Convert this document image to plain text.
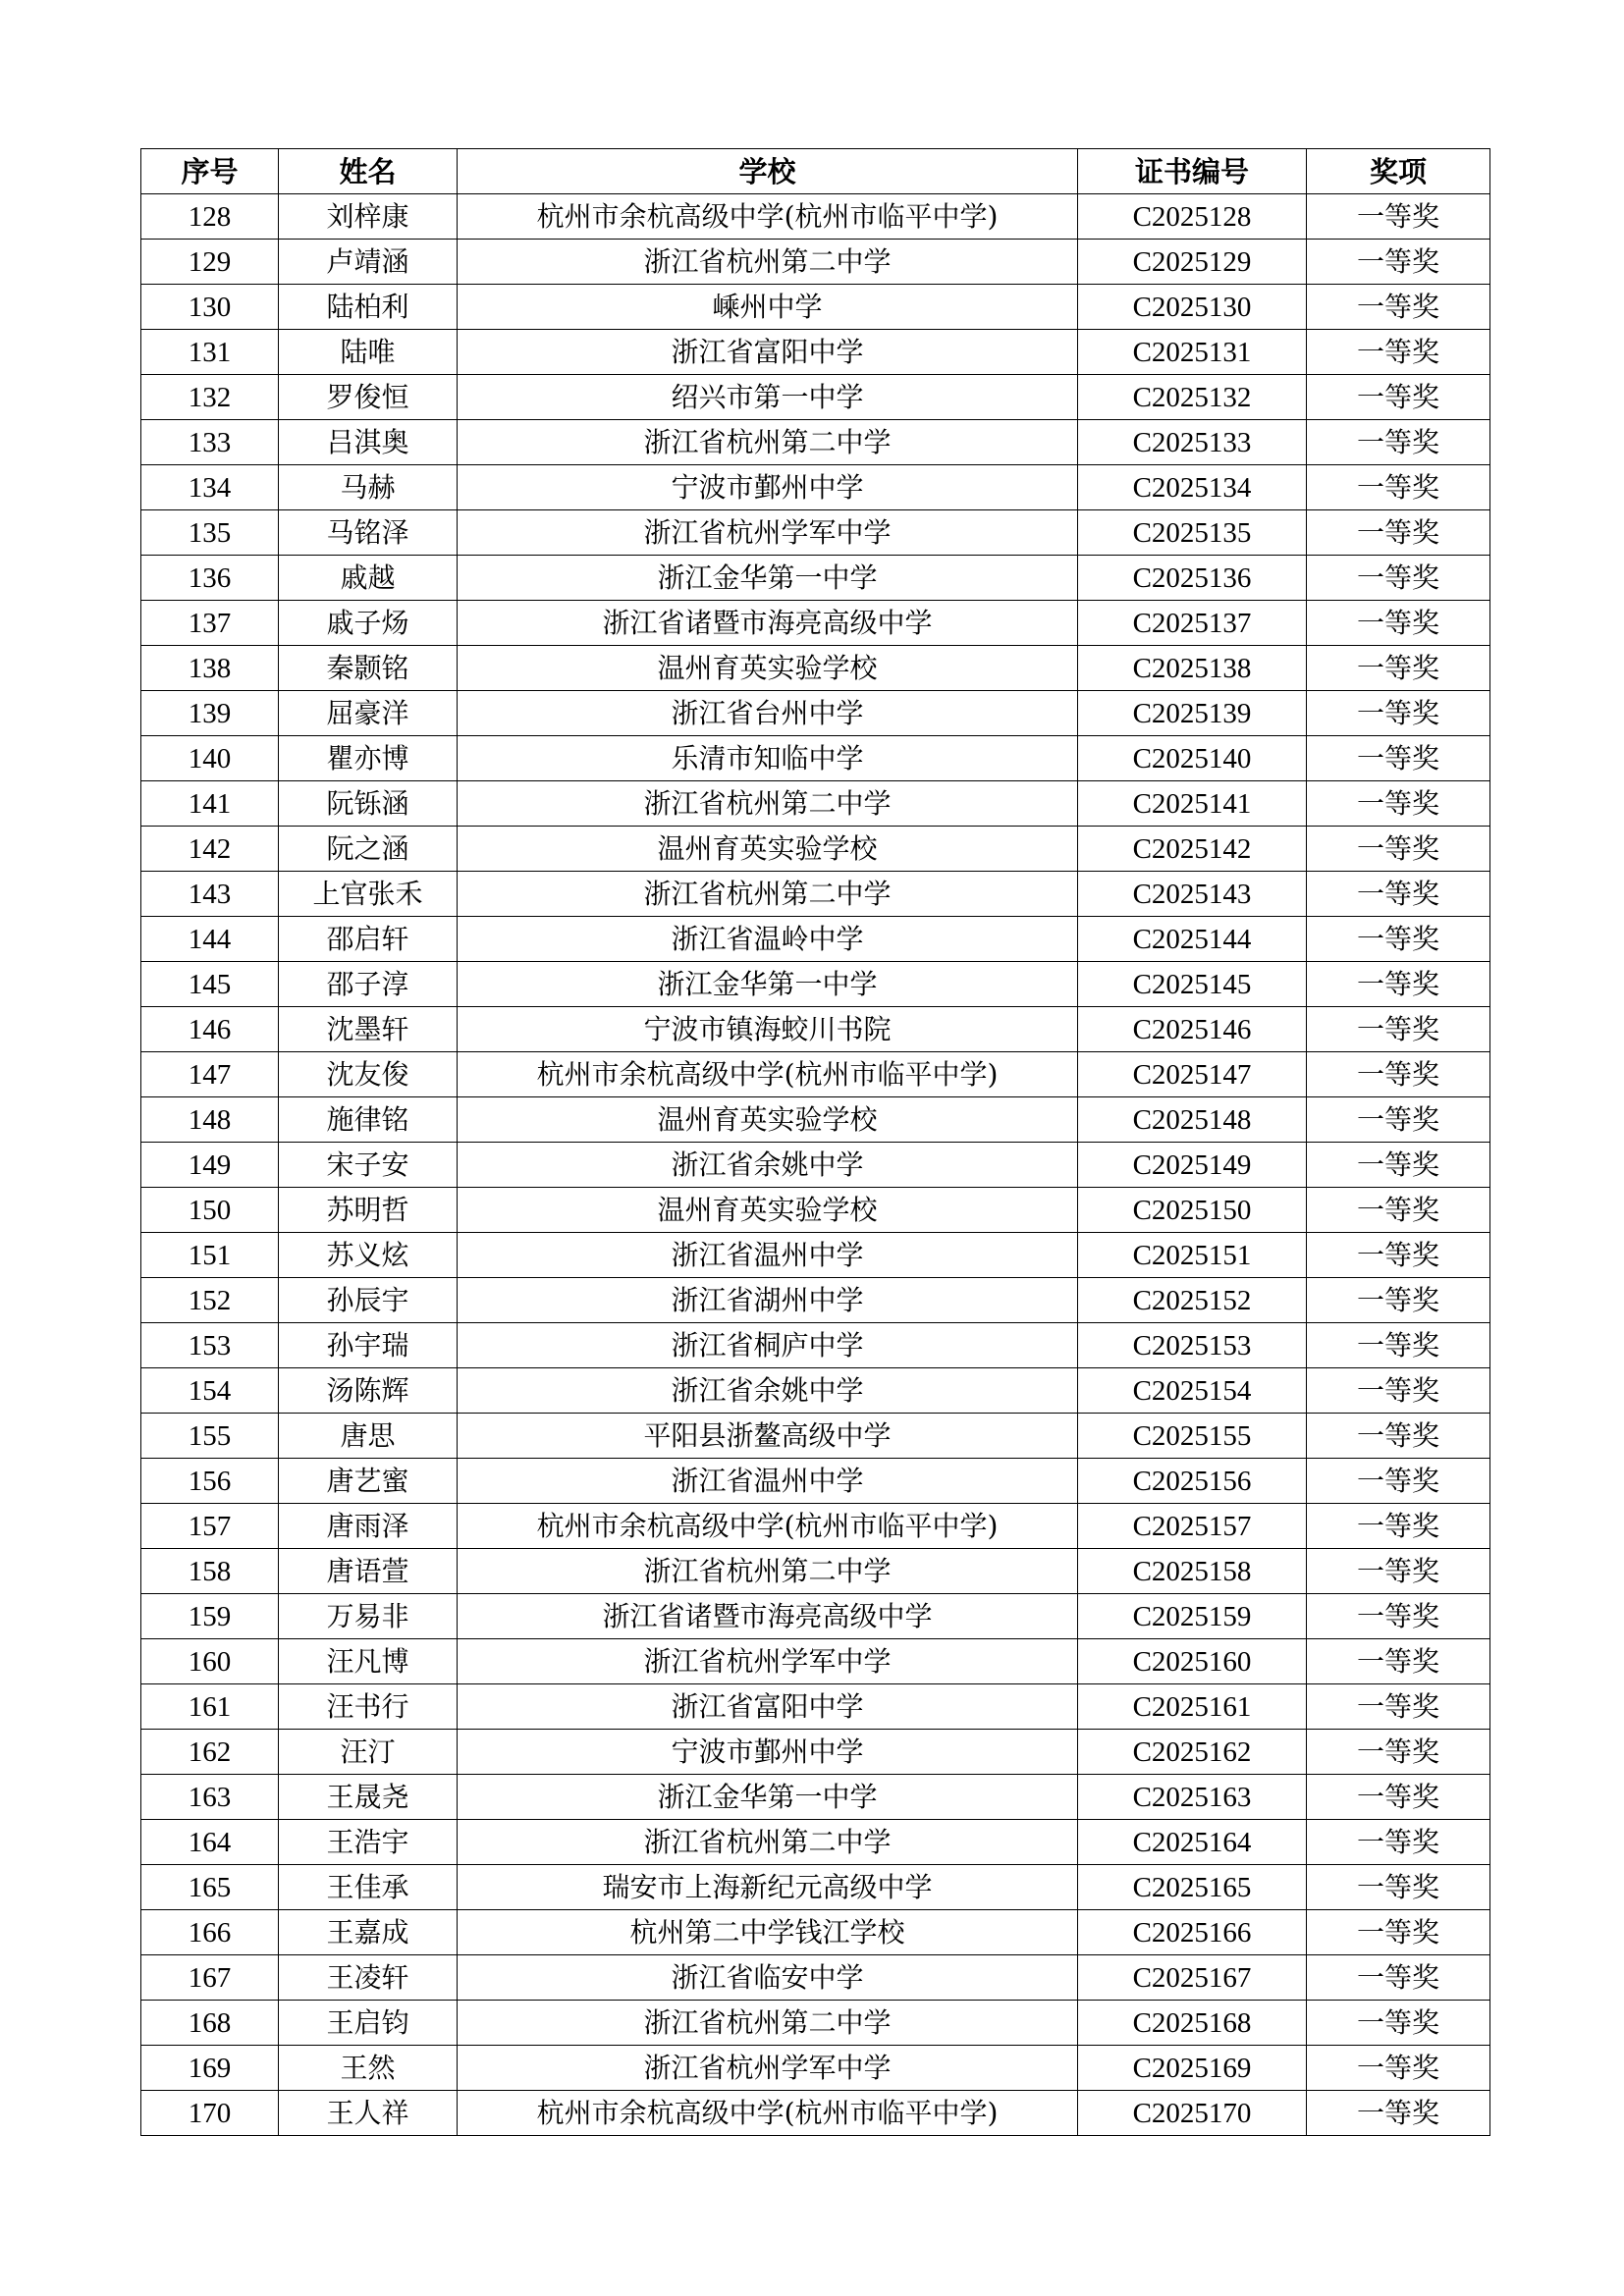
序号	姓名	学校	证书编号	奖项
128	刘梓康	杭州市余杭高级中学(杭州市临平中学)	C2025128	一等奖
129	卢靖涵	浙江省杭州第二中学	C2025129	一等奖
130	陆柏利	嵊州中学	C2025130	一等奖
131	陆唯	浙江省富阳中学	C2025131	一等奖
132	罗俊恒	绍兴市第一中学	C2025132	一等奖
133	吕淇奥	浙江省杭州第二中学	C2025133	一等奖
134	马赫	宁波市鄞州中学	C2025134	一等奖
135	马铭泽	浙江省杭州学军中学	C2025135	一等奖
136	戚越	浙江金华第一中学	C2025136	一等奖
137	戚子炀	浙江省诸暨市海亮高级中学	C2025137	一等奖
138	秦颢铭	温州育英实验学校	C2025138	一等奖
139	屈豪洋	浙江省台州中学	C2025139	一等奖
140	瞿亦博	乐清市知临中学	C2025140	一等奖
141	阮铄涵	浙江省杭州第二中学	C2025141	一等奖
142	阮之涵	温州育英实验学校	C2025142	一等奖
143	上官张禾	浙江省杭州第二中学	C2025143	一等奖
144	邵启轩	浙江省温岭中学	C2025144	一等奖
145	邵子淳	浙江金华第一中学	C2025145	一等奖
146	沈墨轩	宁波市镇海蛟川书院	C2025146	一等奖
147	沈友俊	杭州市余杭高级中学(杭州市临平中学)	C2025147	一等奖
148	施律铭	温州育英实验学校	C2025148	一等奖
149	宋子安	浙江省余姚中学	C2025149	一等奖
150	苏明哲	温州育英实验学校	C2025150	一等奖
151	苏义炫	浙江省温州中学	C2025151	一等奖
152	孙辰宇	浙江省湖州中学	C2025152	一等奖
153	孙宇瑞	浙江省桐庐中学	C2025153	一等奖
154	汤陈辉	浙江省余姚中学	C2025154	一等奖
155	唐思	平阳县浙鳌高级中学	C2025155	一等奖
156	唐艺蜜	浙江省温州中学	C2025156	一等奖
157	唐雨泽	杭州市余杭高级中学(杭州市临平中学)	C2025157	一等奖
158	唐语萱	浙江省杭州第二中学	C2025158	一等奖
159	万易非	浙江省诸暨市海亮高级中学	C2025159	一等奖
160	汪凡博	浙江省杭州学军中学	C2025160	一等奖
161	汪书行	浙江省富阳中学	C2025161	一等奖
162	汪汀	宁波市鄞州中学	C2025162	一等奖
163	王晟尧	浙江金华第一中学	C2025163	一等奖
164	王浩宇	浙江省杭州第二中学	C2025164	一等奖
165	王佳承	瑞安市上海新纪元高级中学	C2025165	一等奖
166	王嘉成	杭州第二中学钱江学校	C2025166	一等奖
167	王凌轩	浙江省临安中学	C2025167	一等奖
168	王启钧	浙江省杭州第二中学	C2025168	一等奖
169	王然	浙江省杭州学军中学	C2025169	一等奖
170	王人祥	杭州市余杭高级中学(杭州市临平中学)	C2025170	一等奖
